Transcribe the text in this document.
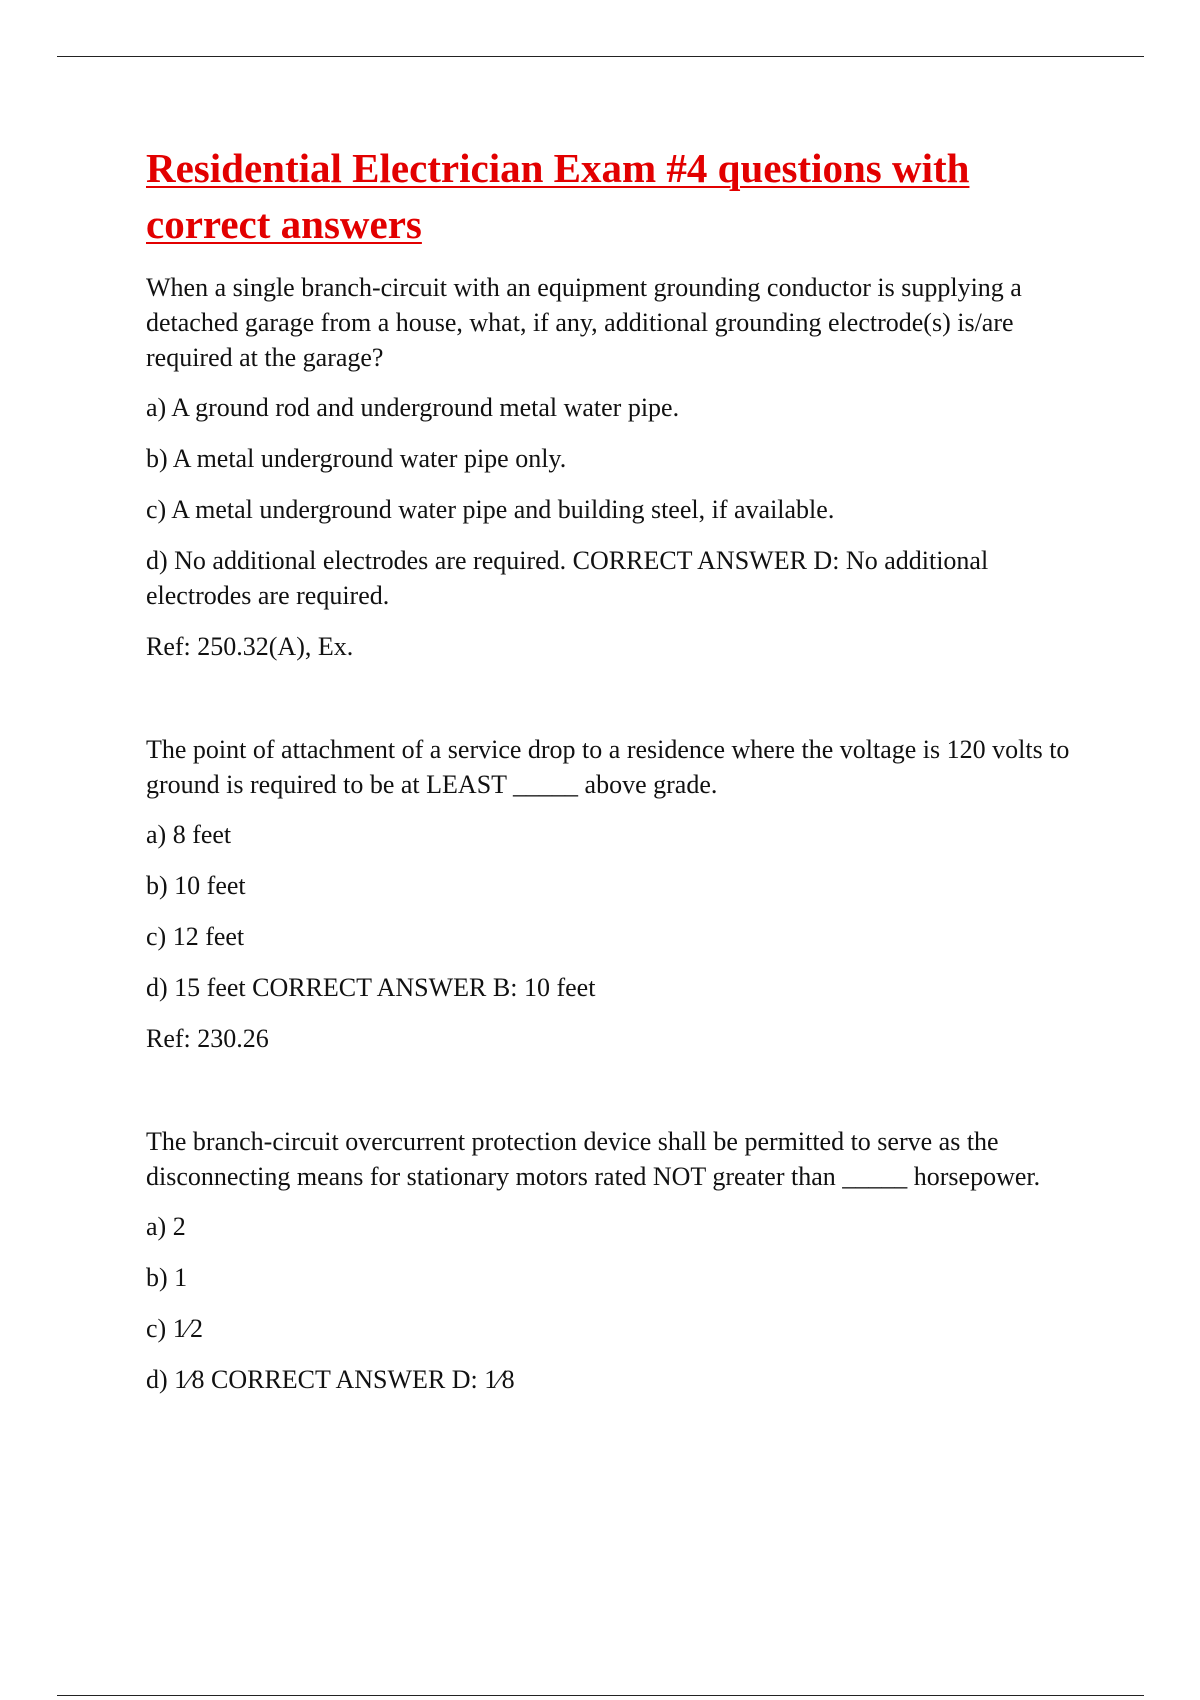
Residential Electrician Exam #4 questions with correct answers

When a single branch-circuit with an equipment grounding conductor is supplying a detached garage from a house, what, if any, additional grounding electrode(s) is/are required at the garage?

a) A ground rod and underground metal water pipe.

b) A metal underground water pipe only.

c) A metal underground water pipe and building steel, if available.

d) No additional electrodes are required. CORRECT ANSWER D: No additional electrodes are required.

Ref: 250.32(A), Ex.

The point of attachment of a service drop to a residence where the voltage is 120 volts to ground is required to be at LEAST _____ above grade.

a) 8 feet

b) 10 feet

c) 12 feet

d) 15 feet CORRECT ANSWER B: 10 feet

Ref: 230.26

The branch-circuit overcurrent protection device shall be permitted to serve as the disconnecting means for stationary motors rated NOT greater than _____ horsepower.

a) 2

b) 1

c) 1⁄2

d) 1⁄8 CORRECT ANSWER D: 1⁄8
